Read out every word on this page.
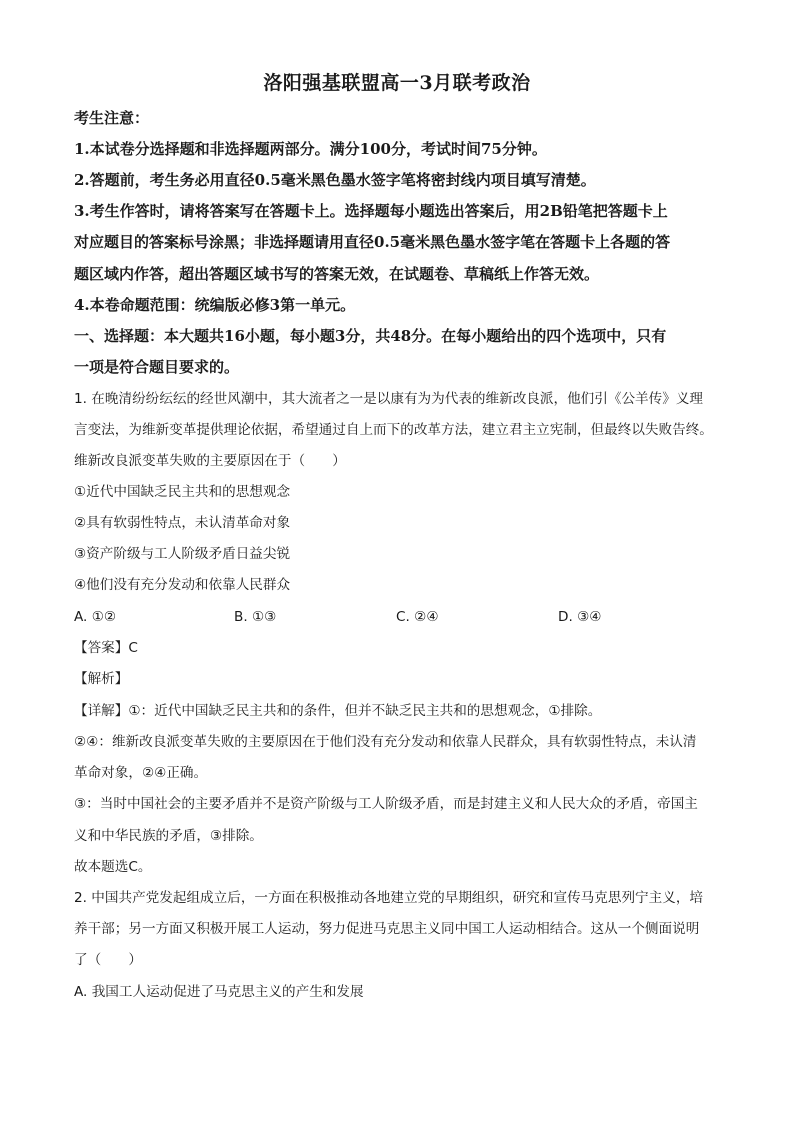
洛阳强基联盟高一3月联考政治
考生注意：
1.本试卷分选择题和非选择题两部分。满分100分，考试时间75分钟。
2.答题前，考生务必用直径0.5毫米黑色墨水签字笔将密封线内项目填写清楚。
3.考生作答时，请将答案写在答题卡上。选择题每小题选出答案后，用2B铅笔把答题卡上
对应题目的答案标号涂黑；非选择题请用直径0.5毫米黑色墨水签字笔在答题卡上各题的答
题区域内作答，超出答题区域书写的答案无效，在试题卷、草稿纸上作答无效。
4.本卷命题范围：统编版必修3第一单元。
一、选择题：本大题共16小题，每小题3分，共48分。在每小题给出的四个选项中，只有
一项是符合题目要求的。
1. 在晚清纷纷纭纭的经世风潮中，其大流者之一是以康有为为代表的维新改良派，他们引《公羊传》义理
言变法，为维新变革提供理论依据，希望通过自上而下的改革方法，建立君主立宪制，但最终以失败告终。
维新改良派变革失败的主要原因在于（　　）
①近代中国缺乏民主共和的思想观念
②具有软弱性特点，未认清革命对象
③资产阶级与工人阶级矛盾日益尖锐
④他们没有充分发动和依靠人民群众
A. ①②	B. ①③	C. ②④	D. ③④
【答案】C
【解析】
【详解】①：近代中国缺乏民主共和的条件，但并不缺乏民主共和的思想观念，①排除。
②④：维新改良派变革失败的主要原因在于他们没有充分发动和依靠人民群众，具有软弱性特点，未认清
革命对象，②④正确。
③：当时中国社会的主要矛盾并不是资产阶级与工人阶级矛盾，而是封建主义和人民大众的矛盾，帝国主
义和中华民族的矛盾，③排除。
故本题选C。
2. 中国共产党发起组成立后，一方面在积极推动各地建立党的早期组织，研究和宣传马克思列宁主义，培
养干部；另一方面又积极开展工人运动，努力促进马克思主义同中国工人运动相结合。这从一个侧面说明
了（　　）
A. 我国工人运动促进了马克思主义的产生和发展
